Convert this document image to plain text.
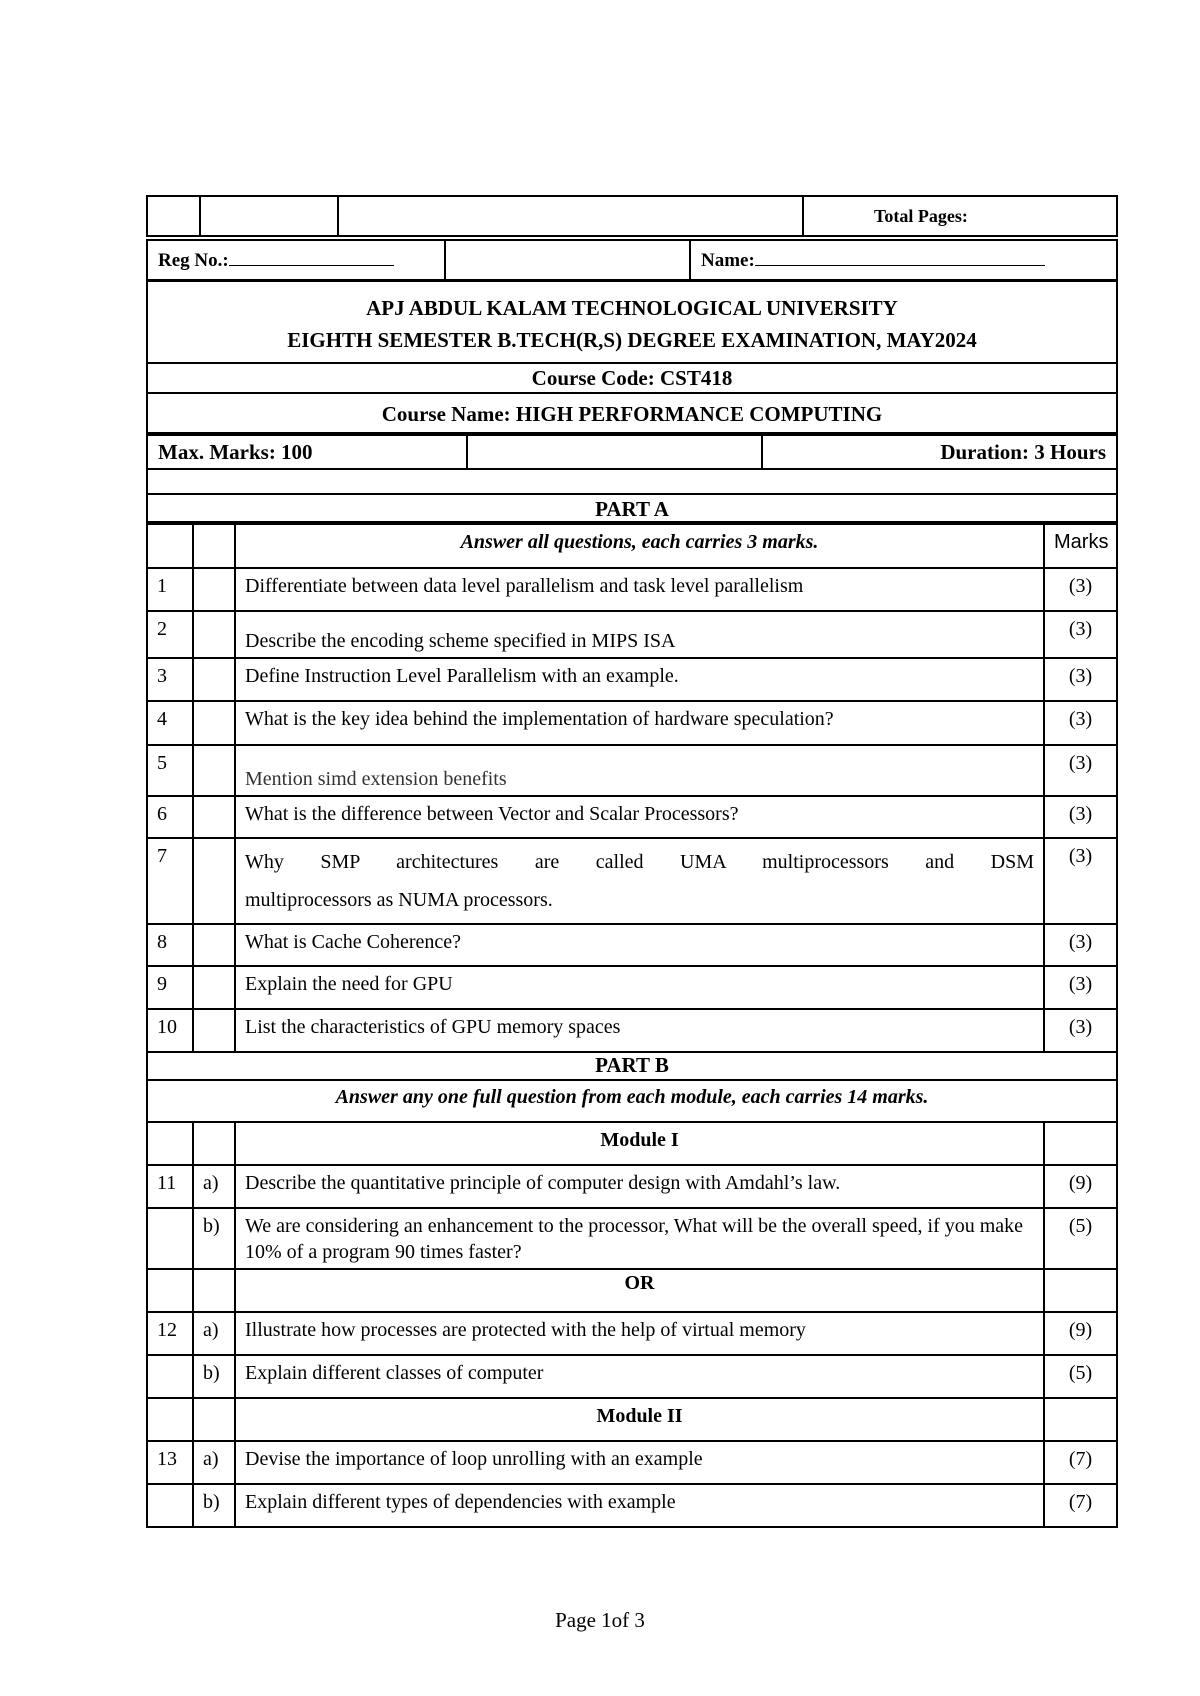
			Total Pages:
Reg No.:		Name:
APJ ABDUL KALAM TECHNOLOGICAL UNIVERSITY
EIGHTH SEMESTER B.TECH(R,S) DEGREE EXAMINATION, MAY2024
Course Code: CST418
Course Name: HIGH PERFORMANCE COMPUTING
Max. Marks: 100		Duration: 3 Hours
PART A
		Answer all questions, each carries 3 marks.	Marks
1		Differentiate between data level parallelism and task level parallelism	(3)
2		Describe the encoding scheme specified in MIPS ISA	(3)
3		Define Instruction Level Parallelism with an example.	(3)
4		What is the key idea behind the implementation of hardware speculation?	(3)
5		Mention simd extension benefits	(3)
6		What is the difference between Vector and Scalar Processors?	(3)
7		Why SMP architectures are called UMA multiprocessors and DSM
multiprocessors as NUMA processors.	(3)
8		What is Cache Coherence?	(3)
9		Explain the need for GPU	(3)
10		List the characteristics of GPU memory spaces	(3)
PART B
Answer any one full question from each module, each carries 14 marks.
		Module I	
11	a)	Describe the quantitative principle of computer design with Amdahl’s law.	(9)
	b)	We are considering an enhancement to the processor, What will be the overall speed, if you make 10% of a program 90 times faster?	(5)
		OR	
12	a)	Illustrate how processes are protected with the help of virtual memory	(9)
	b)	Explain different classes of computer	(5)
		Module II	
13	a)	Devise the importance of loop unrolling with an example	(7)
	b)	Explain different types of dependencies with example	(7)
Page 1of 3
